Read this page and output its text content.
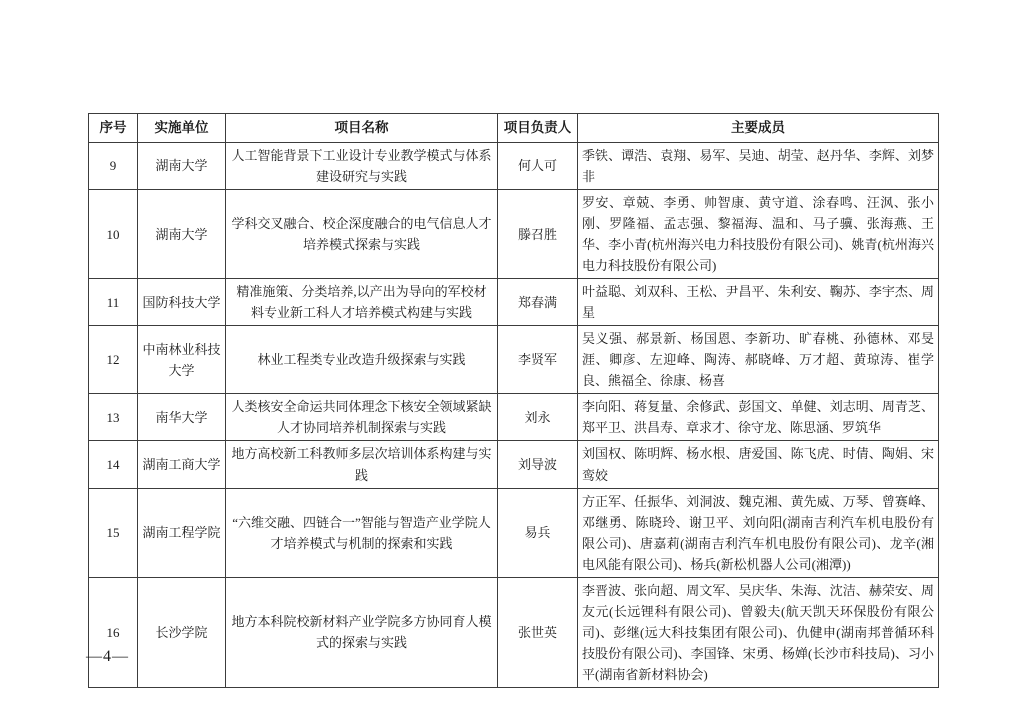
序号	实施单位	项目名称	项目负责人	主要成员
9	湖南大学	人工智能背景下工业设计专业教学模式与体系建设研究与实践	何人可	季铁、谭浩、袁翔、易军、吴迪、胡莹、赵丹华、李辉、刘梦非
10	湖南大学	学科交叉融合、校企深度融合的电气信息人才培养模式探索与实践	滕召胜	罗安、章兢、李勇、帅智康、黄守道、涂春鸣、汪沨、张小刚、罗隆福、孟志强、黎福海、温和、马子骥、张海燕、王华、李小青(杭州海兴电力科技股份有限公司)、姚青(杭州海兴电力科技股份有限公司)
11	国防科技大学	精准施策、分类培养,以产出为导向的军校材料专业新工科人才培养模式构建与实践	郑春满	叶益聪、刘双科、王松、尹昌平、朱利安、鞠苏、李宇杰、周星
12	中南林业科技大学	林业工程类专业改造升级探索与实践	李贤军	吴义强、郝景新、杨国恩、李新功、旷春桃、孙德林、邓旻涯、卿彦、左迎峰、陶涛、郝晓峰、万才超、黄琼涛、崔学良、熊福全、徐康、杨喜
13	南华大学	人类核安全命运共同体理念下核安全领域紧缺人才协同培养机制探索与实践	刘永	李向阳、蒋复量、余修武、彭国文、单健、刘志明、周青芝、郑平卫、洪昌寿、章求才、徐守龙、陈思涵、罗筑华
14	湖南工商大学	地方高校新工科教师多层次培训体系构建与实践	刘导波	刘国权、陈明辉、杨水根、唐爱国、陈飞虎、时倩、陶娟、宋鸾姣
15	湖南工程学院	“六维交融、四链合一”智能与智造产业学院人才培养模式与机制的探索和实践	易兵	方正军、任振华、刘洞波、魏克湘、黄先威、万琴、曾赛峰、邓继勇、陈晓玲、谢卫平、刘向阳(湖南吉利汽车机电股份有限公司)、唐嘉莉(湖南吉利汽车机电股份有限公司)、龙辛(湘电风能有限公司)、杨兵(新松机器人公司(湘潭))
16	长沙学院	地方本科院校新材料产业学院多方协同育人模式的探索与实践	张世英	李晋波、张向超、周文军、吴庆华、朱海、沈洁、赫荣安、周友元(长远锂科有限公司)、曾毅夫(航天凯天环保股份有限公司)、彭继(远大科技集团有限公司)、仇健申(湖南邦普循环科技股份有限公司)、李国锋、宋勇、杨婵(长沙市科技局)、习小平(湖南省新材料协会)
—4—
